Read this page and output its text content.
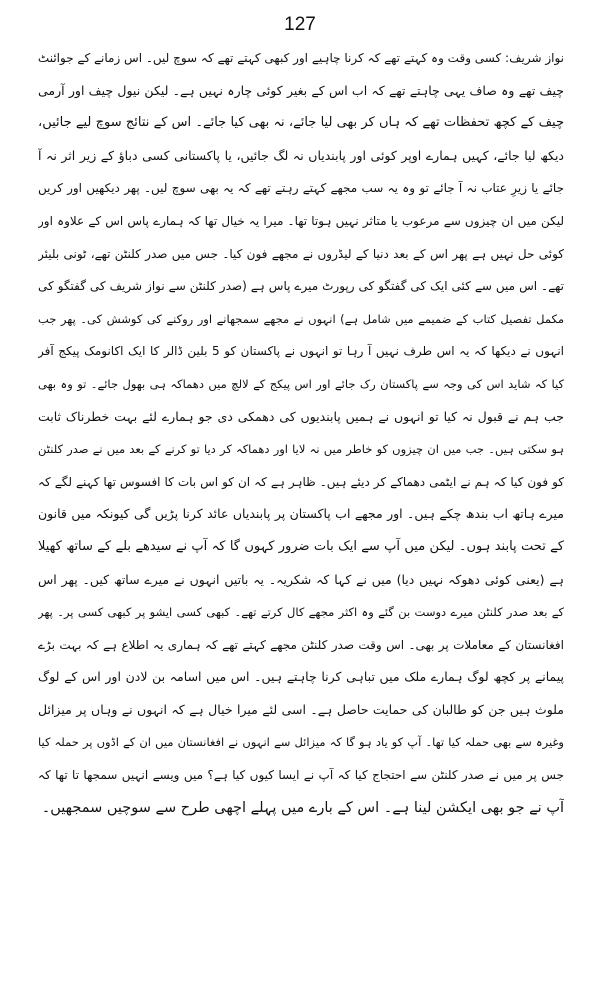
127
نواز شریف: کسی وقت وہ کہتے تھے کہ کرنا چاہیے اور کبھی کہتے تھے کہ سوچ لیں۔ اس زمانے کے جوائنٹ
چیف تھے وہ صاف یہی چاہتے تھے کہ اب اس کے بغیر کوئی چارہ نہیں ہے۔ لیکن نیول چیف اور آرمی
چیف کے کچھ تحفظات تھے کہ ہاں کر بھی لیا جائے، نہ بھی کیا جائے۔ اس کے نتائج سوچ لیے جائیں،
دیکھ لیا جائے، کہیں ہمارے اوپر کوئی اور پابندیاں نہ لگ جائیں، یا پاکستانی کسی دباؤ کے زیر اثر نہ آ
جائے یا زیرِ عتاب نہ آ جائے تو وہ یہ سب مجھے کہتے رہتے تھے کہ یہ بھی سوچ لیں۔ پھر دیکھیں اور کریں
لیکن میں ان چیزوں سے مرعوب یا متاثر نہیں ہوتا تھا۔ میرا یہ خیال تھا کہ ہمارے پاس اس کے علاوہ اور
کوئی حل نہیں ہے پھر اس کے بعد دنیا کے لیڈروں نے مجھے فون کیا۔ جس میں صدر کلنٹن تھے، ٹونی بلیئر
تھے۔ اس میں سے کئی ایک کی گفتگو کی رپورٹ میرے پاس ہے (صدر کلنٹن سے نواز شریف کی گفتگو کی
مکمل تفصیل کتاب کے ضمیمے میں شامل ہے) انہوں نے مجھے سمجھانے اور روکنے کی کوشش کی۔ پھر جب
انہوں نے دیکھا کہ یہ اس طرف نہیں آ رہا تو انہوں نے پاکستان کو 5 بلین ڈالر کا ایک اکانومک پیکج آفر
کیا کہ شاید اس کی وجہ سے پاکستان رک جائے اور اس پیکج کے لالچ میں دھماکہ ہی بھول جائے۔ تو وہ بھی
جب ہم نے قبول نہ کیا تو انہوں نے ہمیں پابندیوں کی دھمکی دی جو ہمارے لئے بہت خطرناک ثابت
ہو سکتی ہیں۔ جب میں ان چیزوں کو خاطر میں نہ لایا اور دھماکہ کر دیا تو کرنے کے بعد میں نے صدر کلنٹن
کو فون کیا کہ ہم نے ایٹمی دھماکے کر دیئے ہیں۔ ظاہر ہے کہ ان کو اس بات کا افسوس تھا کہنے لگے کہ
میرے ہاتھ اب بندھ چکے ہیں۔ اور مجھے اب پاکستان پر پابندیاں عائد کرنا پڑیں گی کیونکہ میں قانون
کے تحت پابند ہوں۔ لیکن میں آپ سے ایک بات ضرور کہوں گا کہ آپ نے سیدھے بلے کے ساتھ کھیلا
ہے (یعنی کوئی دھوکہ نہیں دیا) میں نے کہا کہ شکریہ۔ یہ باتیں انہوں نے میرے ساتھ کیں۔ پھر اس
کے بعد صدر کلنٹن میرے دوست بن گئے وہ اکثر مجھے کال کرتے تھے۔ کبھی کسی ایشو پر کبھی کسی پر۔ پھر
افغانستان کے معاملات پر بھی۔ اس وقت صدر کلنٹن مجھے کہتے تھے کہ ہماری یہ اطلاع ہے کہ بہت بڑے
پیمانے پر کچھ لوگ ہمارے ملک میں تباہی کرنا چاہتے ہیں۔ اس میں اسامہ بن لادن اور اس کے لوگ
ملوث ہیں جن کو طالبان کی حمایت حاصل ہے۔ اسی لئے میرا خیال ہے کہ انہوں نے وہاں پر میزائل
وغیرہ سے بھی حملہ کیا تھا۔ آپ کو یاد ہو گا کہ میزائل سے انہوں نے افغانستان میں ان کے اڈوں پر حملہ کیا
جس پر میں نے صدر کلنٹن سے احتجاج کیا کہ آپ نے ایسا کیوں کیا ہے؟ میں ویسے انہیں سمجھا تا تھا کہ
آپ نے جو بھی ایکشن لینا ہے۔ اس کے بارے میں پہلے اچھی طرح سے سوچیں سمجھیں۔
